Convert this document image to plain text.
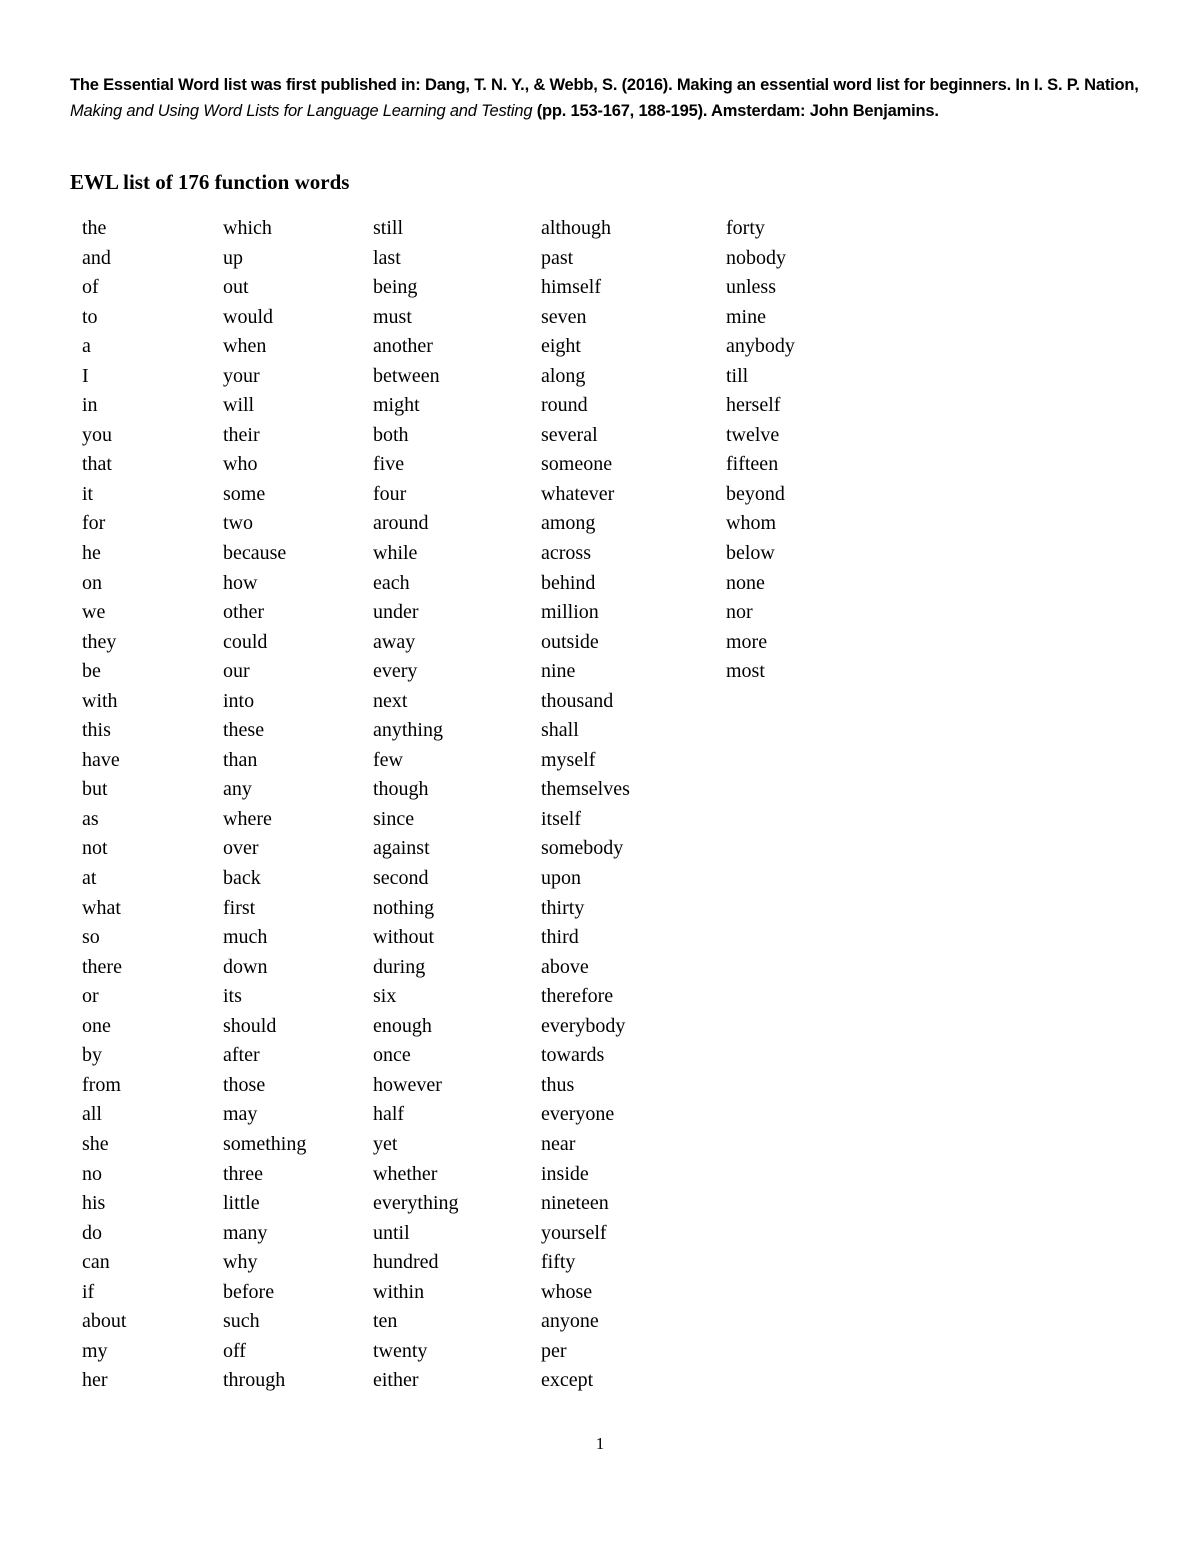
The Essential Word list was first published in: Dang, T. N. Y., & Webb, S. (2016). Making an essential word list for beginners. In I. S. P. Nation, Making and Using Word Lists for Language Learning and Testing (pp. 153-167, 188-195). Amsterdam: John Benjamins.
EWL list of 176 function words
the
and
of
to
a
I
in
you
that
it
for
he
on
we
they
be
with
this
have
but
as
not
at
what
so
there
or
one
by
from
all
she
no
his
do
can
if
about
my
her
which
up
out
would
when
your
will
their
who
some
two
because
how
other
could
our
into
these
than
any
where
over
back
first
much
down
its
should
after
those
may
something
three
little
many
why
before
such
off
through
still
last
being
must
another
between
might
both
five
four
around
while
each
under
away
every
next
anything
few
though
since
against
second
nothing
without
during
six
enough
once
however
half
yet
whether
everything
until
hundred
within
ten
twenty
either
although
past
himself
seven
eight
along
round
several
someone
whatever
among
across
behind
million
outside
nine
thousand
shall
myself
themselves
itself
somebody
upon
thirty
third
above
therefore
everybody
towards
thus
everyone
near
inside
nineteen
yourself
fifty
whose
anyone
per
except
forty
nobody
unless
mine
anybody
till
herself
twelve
fifteen
beyond
whom
below
none
nor
more
most
1
